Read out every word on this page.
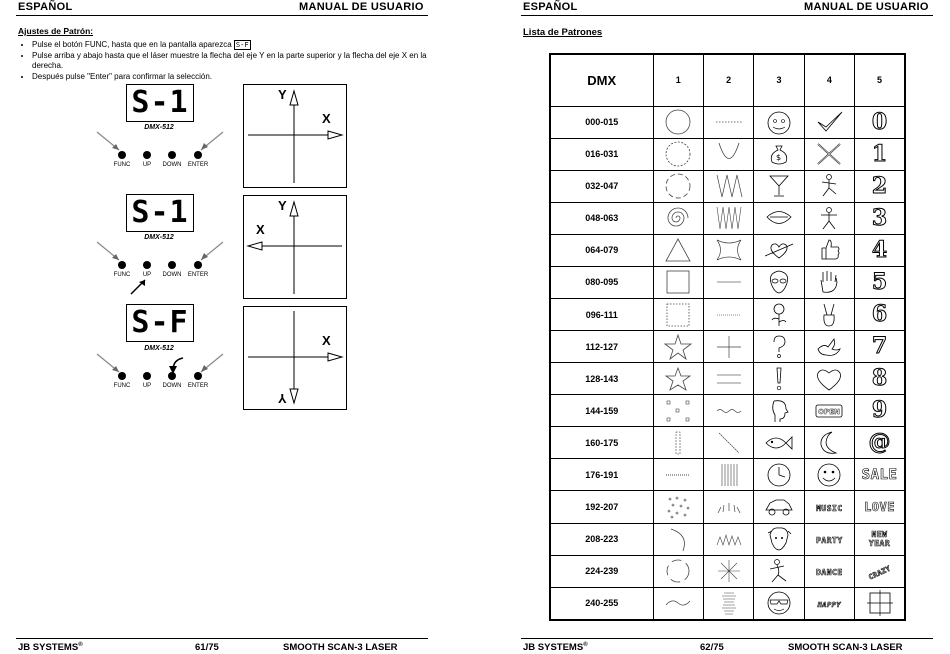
ESPAÑOL	MANUAL DE USUARIO
Ajustes de Patrón:
• Pulse el botón FUNC, hasta que en la pantalla aparezca S-F
• Pulse arriba y abajo hasta que el láser muestre la flecha del eje Y en la parte superior y la flecha del eje X en la derecha.
• Después pulse "Enter" para confirmar la selección.
S-1
DMX-512
FUNC	UP	DOWN	ENTER
Y
X
S-1
DMX-512
FUNC	UP	DOWN	ENTER
Y
X
S-F
DMX-512
FUNC	UP	DOWN	ENTER
Y
X
JB SYSTEMS®	61/75	SMOOTH SCAN-3 LASER
ESPAÑOL	MANUAL DE USUARIO
Lista de Patrones
DMX	1	2	3	4	5
000-015					0
016-031			$		1
032-047					2
048-063					3
064-079					4
080-095					5
096-111					6
112-127					7
128-143					8
144-159				OPEN	9
160-175					@
176-191					SALE
192-207				MUSIC	LOVE
208-223				PARTY	NEW
YEAR

224-239				DANCE	CRAZY
240-255				HAPPY	
JB SYSTEMS®	62/75	SMOOTH SCAN-3 LASER
